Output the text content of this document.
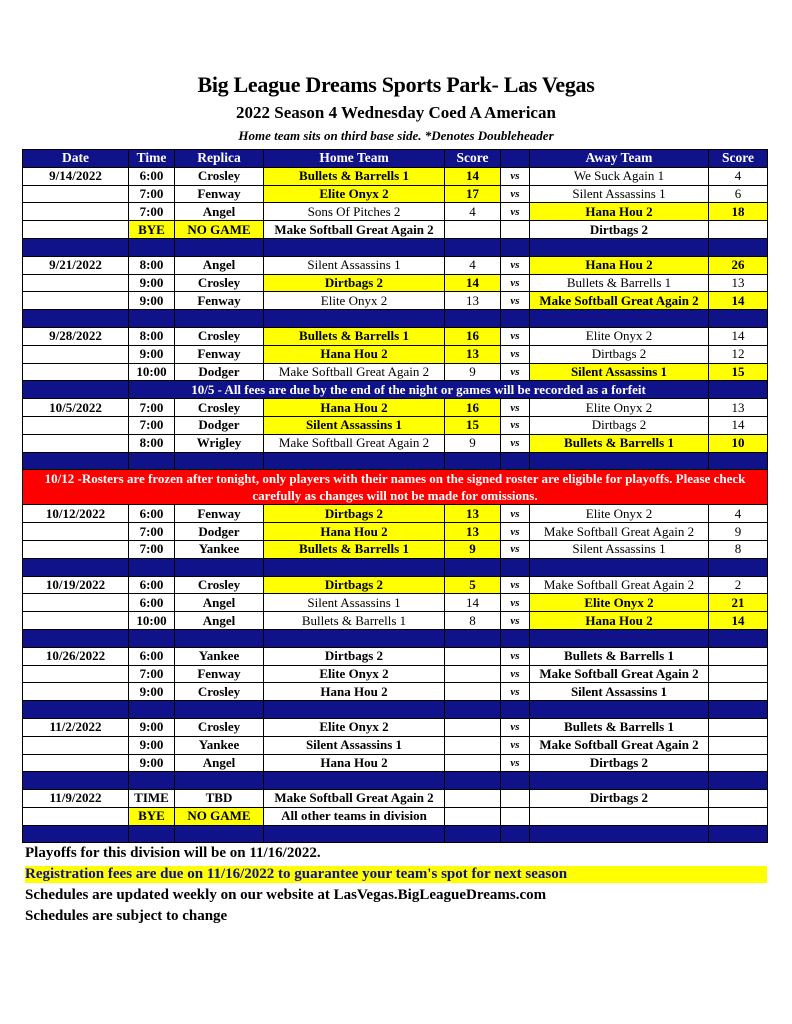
Big League Dreams Sports Park- Las Vegas
2022 Season 4 Wednesday Coed A American
Home team sits on third base side. *Denotes Doubleheader
Date	Time	Replica	Home Team	Score		Away Team	Score
9/14/2022	6:00	Crosley	Bullets & Barrells 1	14	vs	We Suck Again 1	4
	7:00	Fenway	Elite Onyx 2	17	vs	Silent Assassins 1	6
	7:00	Angel	Sons Of Pitches 2	4	vs	Hana Hou 2	18
	BYE	NO GAME	Make Softball Great Again 2			Dirtbags 2	

9/21/2022	8:00	Angel	Silent Assassins 1	4	vs	Hana Hou 2	26
	9:00	Crosley	Dirtbags 2	14	vs	Bullets & Barrells 1	13
	9:00	Fenway	Elite Onyx 2	13	vs	Make Softball Great Again 2	14

9/28/2022	8:00	Crosley	Bullets & Barrells 1	16	vs	Elite Onyx 2	14
	9:00	Fenway	Hana Hou 2	13	vs	Dirtbags 2	12
	10:00	Dodger	Make Softball Great Again 2	9	vs	Silent Assassins 1	15
	10/5 - All fees are due by the end of the night or games will be recorded as a forfeit						
10/5/2022	7:00	Crosley	Hana Hou 2	16	vs	Elite Onyx 2	13
	7:00	Dodger	Silent Assassins 1	15	vs	Dirtbags 2	14
	8:00	Wrigley	Make Softball Great Again 2	9	vs	Bullets & Barrells 1	10

10/12 -Rosters are frozen after tonight, only players with their names on the signed roster are eligible for playoffs. Please check carefully as changes will not be made for omissions.							
10/12/2022	6:00	Fenway	Dirtbags 2	13	vs	Elite Onyx 2	4
	7:00	Dodger	Hana Hou 2	13	vs	Make Softball Great Again 2	9
	7:00	Yankee	Bullets & Barrells 1	9	vs	Silent Assassins 1	8

10/19/2022	6:00	Crosley	Dirtbags 2	5	vs	Make Softball Great Again 2	2
	6:00	Angel	Silent Assassins 1	14	vs	Elite Onyx 2	21
	10:00	Angel	Bullets & Barrells 1	8	vs	Hana Hou 2	14

10/26/2022	6:00	Yankee	Dirtbags 2		vs	Bullets & Barrells 1	
	7:00	Fenway	Elite Onyx 2		vs	Make Softball Great Again 2	
	9:00	Crosley	Hana Hou 2		vs	Silent Assassins 1	

11/2/2022	9:00	Crosley	Elite Onyx 2		vs	Bullets & Barrells 1	
	9:00	Yankee	Silent Assassins 1		vs	Make Softball Great Again 2	
	9:00	Angel	Hana Hou 2		vs	Dirtbags 2	

11/9/2022	TIME	TBD	Make Softball Great Again 2			Dirtbags 2	
	BYE	NO GAME	All other teams in division				

Playoffs for this division will be on 11/16/2022.
Registration fees are due on 11/16/2022 to guarantee your team's spot for next season
Schedules are updated weekly on our website at LasVegas.BigLeagueDreams.com
Schedules are subject to change
